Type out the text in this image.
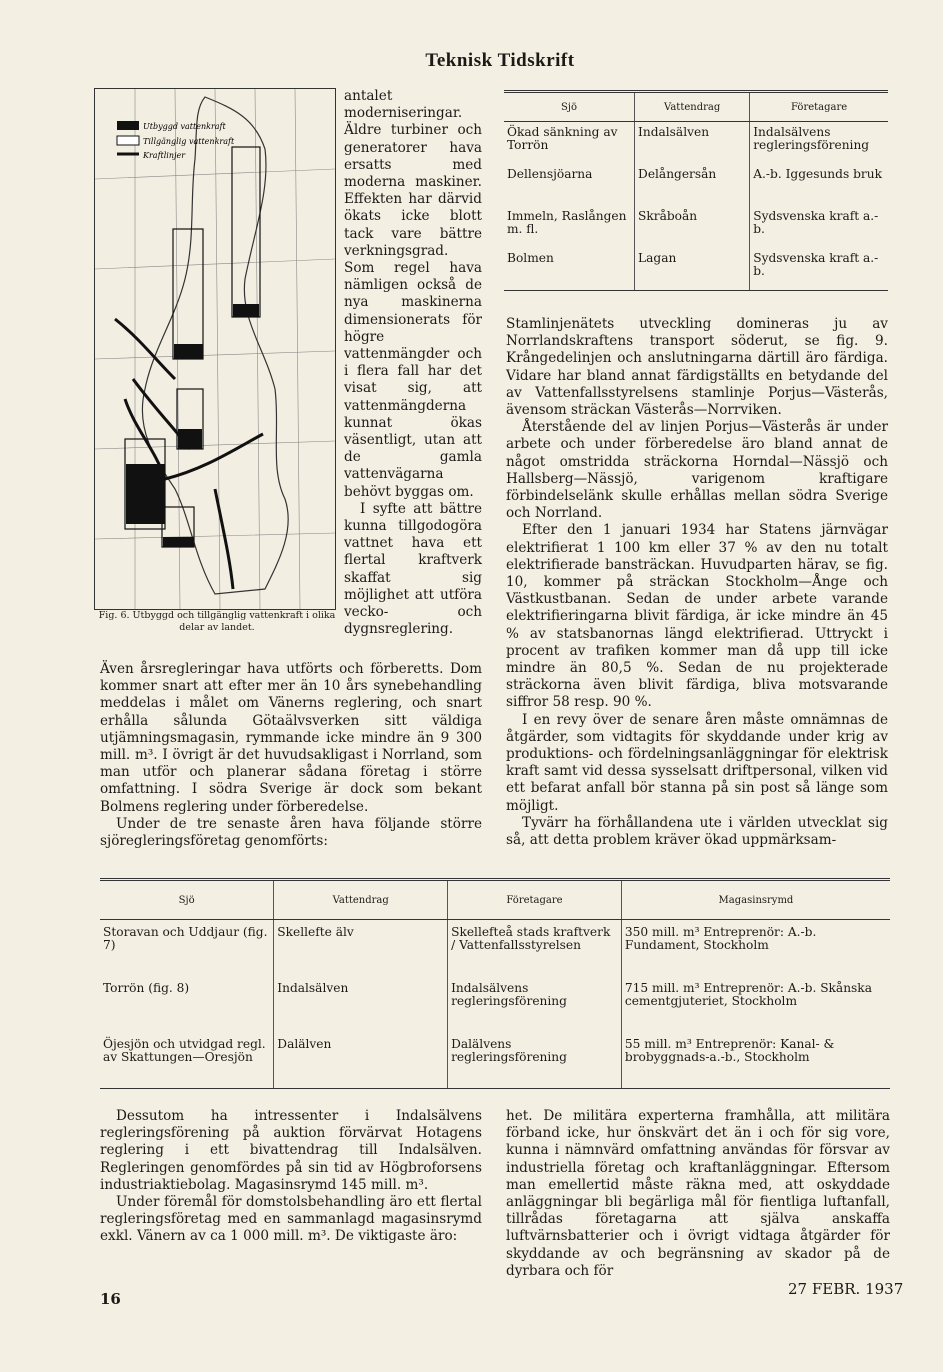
Teknisk Tidskrift
Utbyggd vattenkraft
Tillgänglig vattenkraft
Kraftlinjer
Fig. 6. Utbyggd och tillgänglig vattenkraft i olika delar av landet.

antalet moderniseringar. Äldre turbiner och generatorer hava ersatts med moderna maskiner. Effekten har därvid ökats icke blott tack vare bättre verkningsgrad. Som regel hava nämligen också de nya maskinerna dimensionerats för högre vattenmängder och i flera fall har det visat sig, att vattenmängderna kunnat ökas väsentligt, utan att de gamla vattenvägarna behövt byggas om.

I syfte att bättre kunna tillgodogöra vattnet hava ett flertal kraftverk skaffat sig möjlighet att utföra vecko- och dygnsreglering.

Även årsregleringar hava utförts och förberetts. Dom kommer snart att efter mer än 10 års synebehandling meddelas i målet om Vänerns reglering, och snart erhålla sålunda Götaälvsverken sitt väldiga utjämningsmagasin, rymmande icke mindre än 9 300 mill. m³. I övrigt är det huvudsakligast i Norrland, som man utför och planerar sådana företag i större omfattning. I södra Sverige är dock som bekant Bolmens reglering under förberedelse.

Under de tre senaste åren hava följande större sjöregleringsföretag genomförts:

Sjö	Vattendrag	Företagare
Ökad sänkning av Torrön	Indalsälven	Indalsälvens regleringsförening
Dellensjöarna	Delångersån	A.-b. Iggesunds bruk
Immeln, Raslången m. fl.	Skråboån	Sydsvenska kraft a.-b.
Bolmen	Lagan	Sydsvenska kraft a.-b.

Stamlinjenätets utveckling domineras ju av Norrlandskraftens transport söderut, se fig. 9. Krångedelinjen och anslutningarna därtill äro färdiga. Vidare har bland annat färdigställts en betydande del av Vattenfallsstyrelsens stamlinje Porjus—Västerås, ävensom sträckan Västerås—Norrviken.

Återstående del av linjen Porjus—Västerås är under arbete och under förberedelse äro bland annat de något omstridda sträckorna Horndal—Nässjö och Hallsberg—Nässjö, varigenom kraftigare förbindelselänk skulle erhållas mellan södra Sverige och Norrland.

Efter den 1 januari 1934 har Statens järnvägar elektrifierat 1 100 km eller 37 % av den nu totalt elektrifierade bansträckan. Huvudparten härav, se fig. 10, kommer på sträckan Stockholm—Ånge och Västkustbanan. Sedan de under arbete varande elektrifieringarna blivit färdiga, är icke mindre än 45 % av statsbanornas längd elektrifierad. Uttryckt i procent av trafiken kommer man då upp till icke mindre än 80,5 %. Sedan de nu projekterade sträckorna även blivit färdiga, bliva motsvarande siffror 58 resp. 90 %.

I en revy över de senare åren måste omnämnas de åtgärder, som vidtagits för skyddande under krig av produktions- och fördelningsanläggningar för elektrisk kraft samt vid dessa sysselsatt driftpersonal, vilken vid ett befarat anfall bör stanna på sin post så länge som möjligt.

Tyvärr ha förhållandena ute i världen utvecklat sig så, att detta problem kräver ökad uppmärksam-

Sjö	Vattendrag	Företagare	Magasinsrymd
Storavan och Uddjaur (fig. 7)	Skellefte älv	Skellefteå stads kraftverk / Vattenfallsstyrelsen	350 mill. m³ Entreprenör: A.-b. Fundament, Stockholm
Torrön (fig. 8)	Indalsälven	Indalsälvens regleringsförening	715 mill. m³ Entreprenör: A.-b. Skånska cementgjuteriet, Stockholm
Öjesjön och utvidgad regl. av Skattungen—Oresjön	Dalälven	Dalälvens regleringsförening	55 mill. m³ Entreprenör: Kanal- & brobyggnads-a.-b., Stockholm

Dessutom ha intressenter i Indalsälvens regleringsförening på auktion förvärvat Hotagens reglering i ett bivattendrag till Indalsälven. Regleringen genomfördes på sin tid av Högbroforsens industriaktiebolag. Magasinsrymd 145 mill. m³.

Under föremål för domstolsbehandling äro ett flertal regleringsföretag med en sammanlagd magasinsrymd exkl. Vänern av ca 1 000 mill. m³. De viktigaste äro:

het. De militära experterna framhålla, att militära förband icke, hur önskvärt det än i och för sig vore, kunna i nämnvärd omfattning användas för försvar av industriella företag och kraftanläggningar. Eftersom man emellertid måste räkna med, att oskyddade anläggningar bli begärliga mål för fientliga luftanfall, tillrådas företagarna att själva anskaffa luftvärnsbatterier och i övrigt vidtaga åtgärder för skyddande av och begränsning av skador på de dyrbara och för

16
27 FEBR. 1937
